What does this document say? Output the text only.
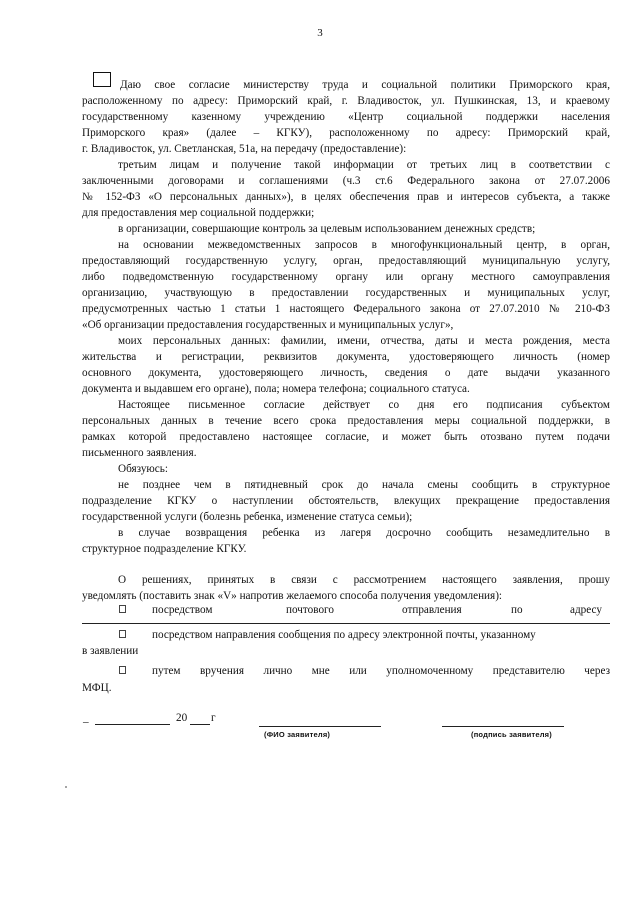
3
Даю свое согласие министерству труда и социальной политики Приморского края,
расположенному по адресу: Приморский край, г. Владивосток, ул. Пушкинская, 13, и краевому
государственному казенному учреждению «Центр социальной поддержки населения
Приморского края» (далее – КГКУ), расположенному по адресу: Приморский край,
г. Владивосток, ул. Светланская, 51а, на передачу (предоставление):
третьим лицам и получение такой информации от третьих лиц в соответствии с
заключенными договорами и соглашениями (ч.3 ст.6 Федерального закона от 27.07.2006
№ 152-ФЗ «О персональных данных»), в целях обеспечения прав и интересов субъекта, а также
для предоставления мер социальной поддержки;
в организации, совершающие контроль за целевым использованием денежных средств;
на основании межведомственных запросов в многофункциональный центр, в орган,
предоставляющий государственную услугу, орган, предоставляющий муниципальную услугу,
либо подведомственную государственному органу или органу местного самоуправления
организацию, участвующую в предоставлении государственных и муниципальных услуг,
предусмотренных частью 1 статьи 1 настоящего Федерального закона от 27.07.2010 № 210-ФЗ
«Об организации предоставления государственных и муниципальных услуг»,
моих персональных данных: фамилии, имени, отчества, даты и места рождения, места
жительства и регистрации, реквизитов документа, удостоверяющего личность (номер
основного документа, удостоверяющего личность, сведения о дате выдачи указанного
документа и выдавшем его органе), пола; номера телефона; социального статуса.
Настоящее письменное согласие действует со дня его подписания субъектом
персональных данных в течение всего срока предоставления меры социальной поддержки, в
рамках которой предоставлено настоящее согласие, и может быть отозвано путем подачи
письменного заявления.
Обязуюсь:
не позднее чем в пятидневный срок до начала смены сообщить в структурное
подразделение КГКУ о наступлении обстоятельств, влекущих прекращение предоставления
государственной услуги (болезнь ребенка, изменение статуса семьи);
в случае возвращения ребенка из лагеря досрочно сообщить незамедлительно в
структурное подразделение КГКУ.
О решениях, принятых в связи с рассмотрением настоящего заявления, прошу
уведомлять (поставить знак «V» напротив желаемого способа получения уведомления):
посредством	почтового	отправления	по	адресу
посредством направления сообщения по адресу электронной почты, указанному
в заявлении
путем вручения лично мне или уполномоченному представителю через
МФЦ.
_	20 г
(ФИО заявителя)	(подпись заявителя)
